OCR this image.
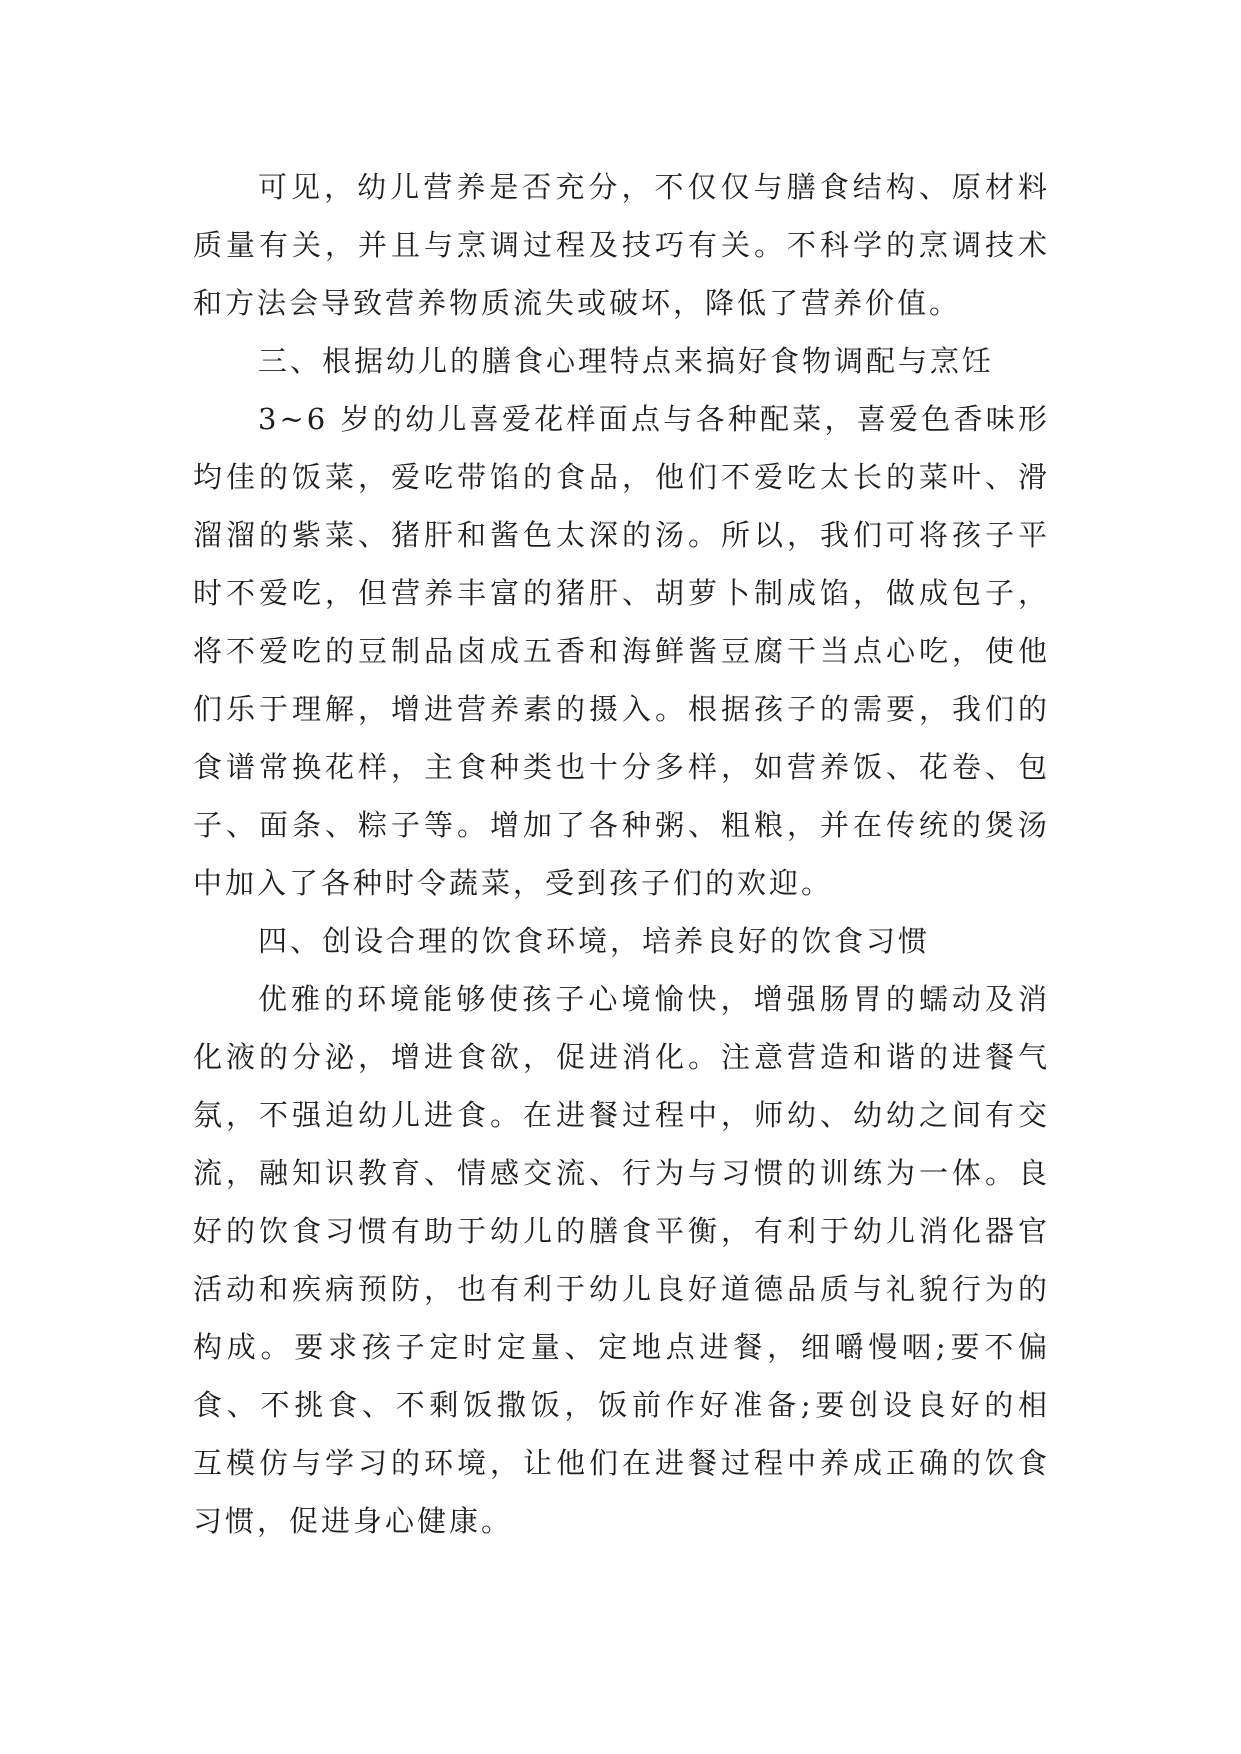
可见，幼儿营养是否充分，不仅仅与膳食结构、原材料
质量有关，并且与烹调过程及技巧有关。不科学的烹调技术
和方法会导致营养物质流失或破坏，降低了营养价值。
三、根据幼儿的膳食心理特点来搞好食物调配与烹饪
3~6 岁的幼儿喜爱花样面点与各种配菜，喜爱色香味形
均佳的饭菜，爱吃带馅的食品，他们不爱吃太长的菜叶、滑
溜溜的紫菜、猪肝和酱色太深的汤。所以，我们可将孩子平
时不爱吃，但营养丰富的猪肝、胡萝卜制成馅，做成包子，
将不爱吃的豆制品卤成五香和海鲜酱豆腐干当点心吃，使他
们乐于理解，增进营养素的摄入。根据孩子的需要，我们的
食谱常换花样，主食种类也十分多样，如营养饭、花卷、包
子、面条、粽子等。增加了各种粥、粗粮，并在传统的煲汤
中加入了各种时令蔬菜，受到孩子们的欢迎。
四、创设合理的饮食环境，培养良好的饮食习惯
优雅的环境能够使孩子心境愉快，增强肠胃的蠕动及消
化液的分泌，增进食欲，促进消化。注意营造和谐的进餐气
氛，不强迫幼儿进食。在进餐过程中，师幼、幼幼之间有交
流，融知识教育、情感交流、行为与习惯的训练为一体。良
好的饮食习惯有助于幼儿的膳食平衡，有利于幼儿消化器官
活动和疾病预防，也有利于幼儿良好道德品质与礼貌行为的
构成。要求孩子定时定量、定地点进餐，细嚼慢咽;要不偏
食、不挑食、不剩饭撒饭，饭前作好准备;要创设良好的相
互模仿与学习的环境，让他们在进餐过程中养成正确的饮食
习惯，促进身心健康。
